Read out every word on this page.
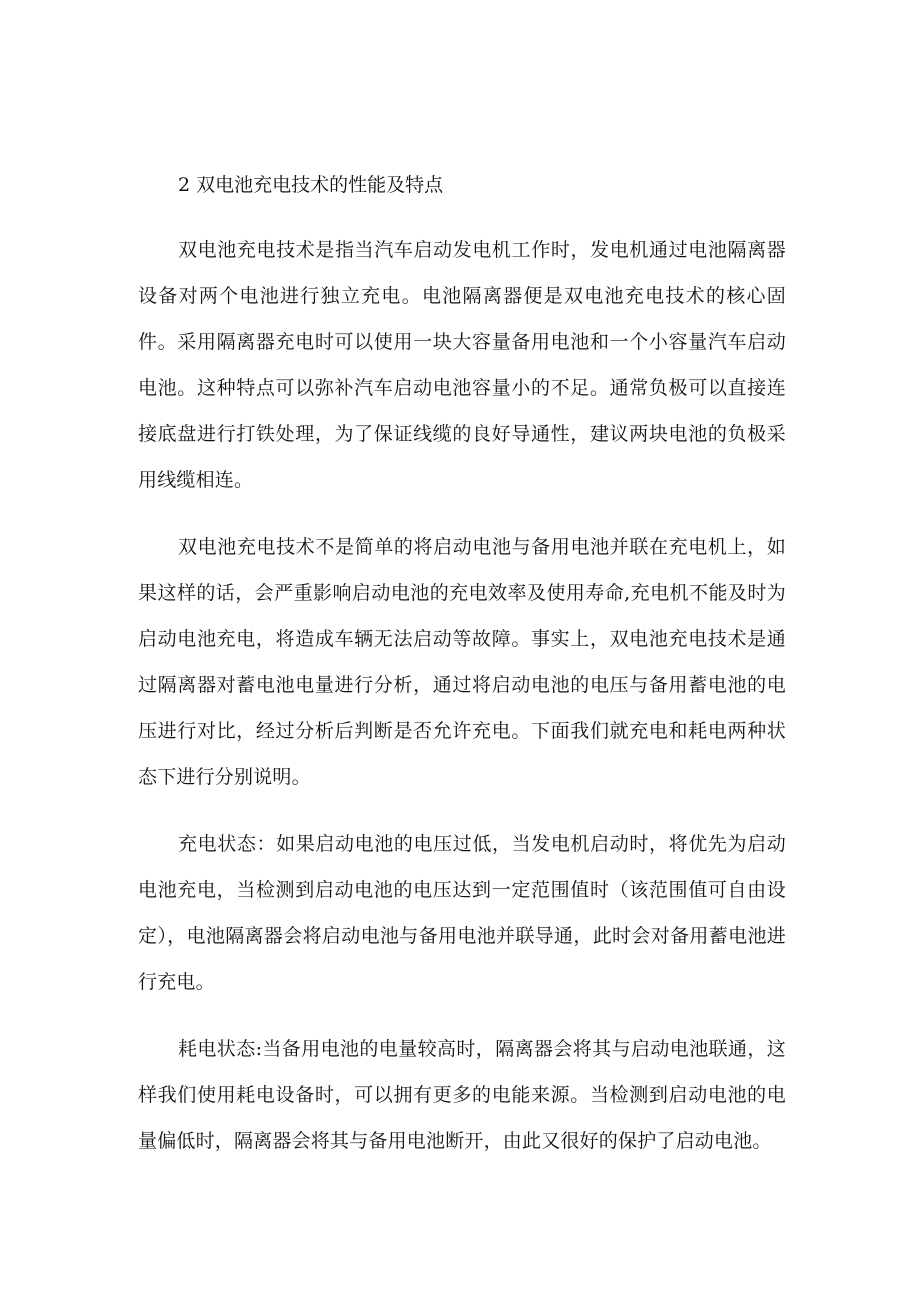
2 双电池充电技术的性能及特点

双电池充电技术是指当汽车启动发电机工作时，发电机通过电池隔离器设备对两个电池进行独立充电。电池隔离器便是双电池充电技术的核心固件。采用隔离器充电时可以使用一块大容量备用电池和一个小容量汽车启动电池。这种特点可以弥补汽车启动电池容量小的不足。通常负极可以直接连接底盘进行打铁处理，为了保证线缆的良好导通性，建议两块电池的负极采用线缆相连。

双电池充电技术不是简单的将启动电池与备用电池并联在充电机上，如果这样的话，会严重影响启动电池的充电效率及使用寿命,充电机不能及时为启动电池充电，将造成车辆无法启动等故障。事实上，双电池充电技术是通过隔离器对蓄电池电量进行分析，通过将启动电池的电压与备用蓄电池的电压进行对比，经过分析后判断是否允许充电。下面我们就充电和耗电两种状态下进行分别说明。

充电状态：如果启动电池的电压过低，当发电机启动时，将优先为启动电池充电，当检测到启动电池的电压达到一定范围值时（该范围值可自由设定），电池隔离器会将启动电池与备用电池并联导通，此时会对备用蓄电池进行充电。

耗电状态:当备用电池的电量较高时，隔离器会将其与启动电池联通，这样我们使用耗电设备时，可以拥有更多的电能来源。当检测到启动电池的电量偏低时，隔离器会将其与备用电池断开，由此又很好的保护了启动电池。
